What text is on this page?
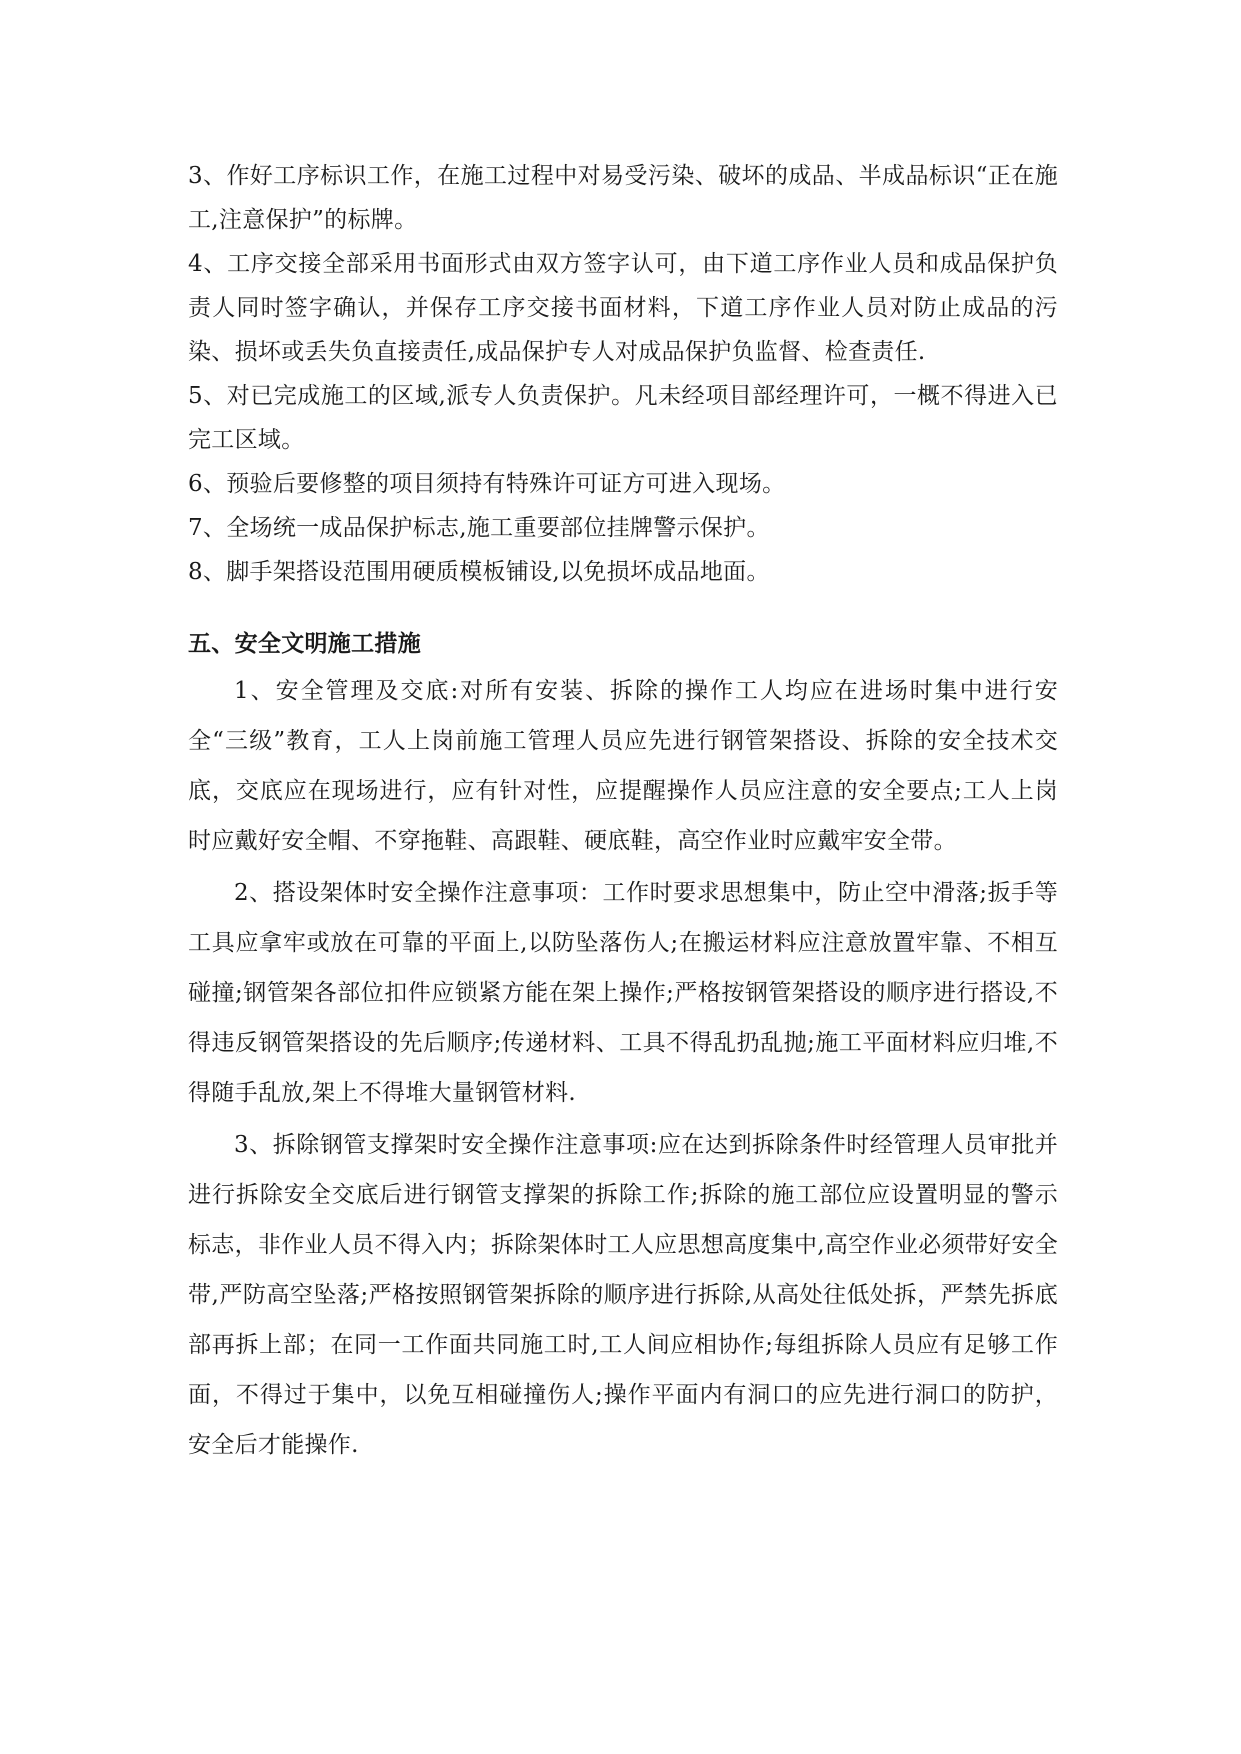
3、作好工序标识工作，在施工过程中对易受污染、破坏的成品、半成品标识“正在施工,注意保护”的标牌。

4、工序交接全部采用书面形式由双方签字认可，由下道工序作业人员和成品保护负责人同时签字确认，并保存工序交接书面材料，下道工序作业人员对防止成品的污染、损坏或丢失负直接责任,成品保护专人对成品保护负监督、检查责任.

5、对已完成施工的区域,派专人负责保护。凡未经项目部经理许可，一概不得进入已完工区域。

6、预验后要修整的项目须持有特殊许可证方可进入现场。

7、全场统一成品保护标志,施工重要部位挂牌警示保护。

8、脚手架搭设范围用硬质模板铺设,以免损坏成品地面。

五、安全文明施工措施

1、安全管理及交底:对所有安装、拆除的操作工人均应在进场时集中进行安全“三级”教育，工人上岗前施工管理人员应先进行钢管架搭设、拆除的安全技术交底，交底应在现场进行，应有针对性，应提醒操作人员应注意的安全要点;工人上岗时应戴好安全帽、不穿拖鞋、高跟鞋、硬底鞋，高空作业时应戴牢安全带。

2、搭设架体时安全操作注意事项：工作时要求思想集中，防止空中滑落;扳手等工具应拿牢或放在可靠的平面上,以防坠落伤人;在搬运材料应注意放置牢靠、不相互碰撞;钢管架各部位扣件应锁紧方能在架上操作;严格按钢管架搭设的顺序进行搭设,不得违反钢管架搭设的先后顺序;传递材料、工具不得乱扔乱抛;施工平面材料应归堆,不得随手乱放,架上不得堆大量钢管材料.

3、拆除钢管支撑架时安全操作注意事项:应在达到拆除条件时经管理人员审批并进行拆除安全交底后进行钢管支撑架的拆除工作;拆除的施工部位应设置明显的警示标志，非作业人员不得入内；拆除架体时工人应思想高度集中,高空作业必须带好安全带,严防高空坠落;严格按照钢管架拆除的顺序进行拆除,从高处往低处拆，严禁先拆底部再拆上部；在同一工作面共同施工时,工人间应相协作;每组拆除人员应有足够工作面，不得过于集中，以免互相碰撞伤人;操作平面内有洞口的应先进行洞口的防护，安全后才能操作.
